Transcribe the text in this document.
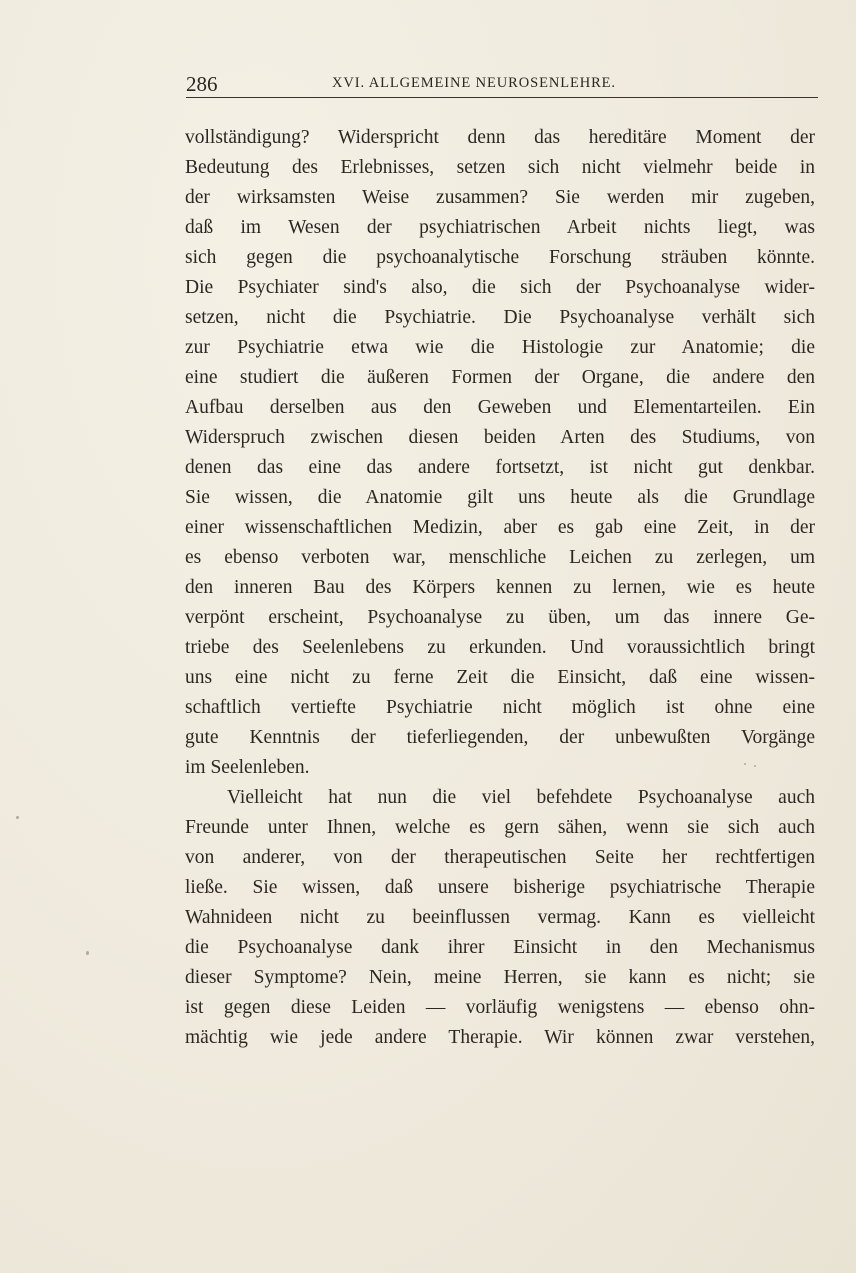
286	XVI. ALLGEMEINE NEUROSENLEHRE.
vollständigung? Widerspricht denn das hereditäre Moment der
Bedeutung des Erlebnisses, setzen sich nicht vielmehr beide in
der wirksamsten Weise zusammen? Sie werden mir zugeben,
daß im Wesen der psychiatrischen Arbeit nichts liegt, was
sich gegen die psychoanalytische Forschung sträuben könnte.
Die Psychiater sind's also, die sich der Psychoanalyse wider-
setzen, nicht die Psychiatrie. Die Psychoanalyse verhält sich
zur Psychiatrie etwa wie die Histologie zur Anatomie; die
eine studiert die äußeren Formen der Organe, die andere den
Aufbau derselben aus den Geweben und Elementarteilen. Ein
Widerspruch zwischen diesen beiden Arten des Studiums, von
denen das eine das andere fortsetzt, ist nicht gut denkbar.
Sie wissen, die Anatomie gilt uns heute als die Grundlage
einer wissenschaftlichen Medizin, aber es gab eine Zeit, in der
es ebenso verboten war, menschliche Leichen zu zerlegen, um
den inneren Bau des Körpers kennen zu lernen, wie es heute
verpönt erscheint, Psychoanalyse zu üben, um das innere Ge-
triebe des Seelenlebens zu erkunden. Und voraussichtlich bringt
uns eine nicht zu ferne Zeit die Einsicht, daß eine wissen-
schaftlich vertiefte Psychiatrie nicht möglich ist ohne eine
gute Kenntnis der tieferliegenden, der unbewußten Vorgänge
im Seelenleben.
Vielleicht hat nun die viel befehdete Psychoanalyse auch
Freunde unter Ihnen, welche es gern sähen, wenn sie sich auch
von anderer, von der therapeutischen Seite her rechtfertigen
ließe. Sie wissen, daß unsere bisherige psychiatrische Therapie
Wahnideen nicht zu beeinflussen vermag. Kann es vielleicht
die Psychoanalyse dank ihrer Einsicht in den Mechanismus
dieser Symptome? Nein, meine Herren, sie kann es nicht; sie
ist gegen diese Leiden — vorläufig wenigstens — ebenso ohn-
mächtig wie jede andere Therapie. Wir können zwar verstehen,
